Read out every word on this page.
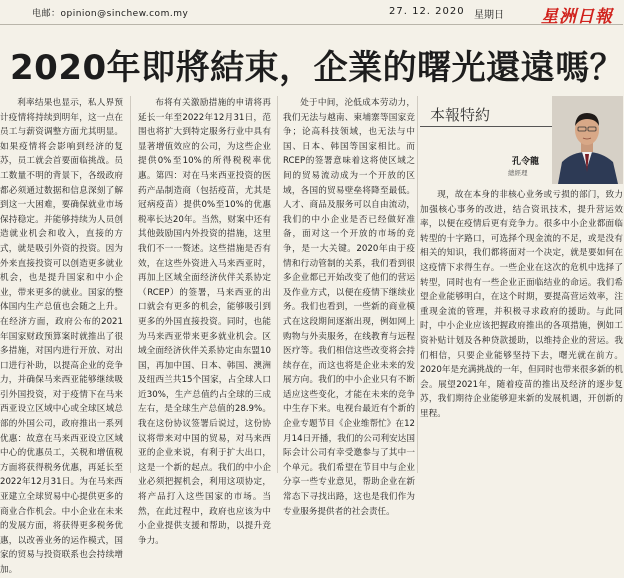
电邮：opinion@sinchew.com.my	27. 12. 2020 星期日 星洲日報
2020年即將結束，企業的曙光還遠嗎？

利率结果也显示，私人界预计疫情将持续到明年，这一点在员工与薪资调整方面尤其明显。如果疫情将会影响到经济的复苏，员工就会首要面临挑战。员工数量不明的背景下，各级政府都必须通过数据和信息深刻了解到这一大困难，要确保就业市场保持稳定。并能够持续为人员创造就业机会和收入，直接的方式，就是吸引外资的投资。因为外来直接投资可以创造更多就业机会，也是提升国家和中小企业，带来更多的就业。国家的整体国内生产总值也会随之上升。在经济方面，政府公布的2021年国家财政预算案时就推出了很多措施，对国内进行开放、对出口进行补助，以提高企业的竞争力，并确保马来西亚能够继续吸引外国投资，对于疫情下在马来西亚设立区域中心或全球区域总部的外国公司，政府推出一系列优惠：故意在马来西亚设立区域中心的优惠员工，关税和增值税方面将获得税务优惠，再延长至2022年12月31日。为在马来西亚建立全球贸易中心提供更多的商业合作机会。中小企业在未来的发展方面，将获得更多税务优惠，以改善业务的运作模式，国家的贸易与投资联系也会持续增加。

布将有关激励措施的申请将再延长一年至2022年12月31日，范围也将扩大到特定服务行业中具有显著增值效应的公司，为这些企业提供0%至10%的所得税税率优惠。第四：对在马来西亚投资的医药产品制造商（包括疫苗，尤其是冠病疫苗）提供0%至10%的优惠税率长达20年。当然，财案中还有其他鼓励国内外投资的措施，这里我们不一一赘述。这些措施是否有效，在这些外资进入马来西亚时，再加上区域全面经济伙伴关系协定（RCEP）的签署，马来西亚的出口就会有更多的机会，能够吸引到更多的外国直接投资。同时，也能为马来西亚带来更多就业机会。区域全面经济伙伴关系协定由东盟10国，再加中国、日本、韩国、澳洲及纽西兰共15个国家，占全球人口近30%，生产总值约占全球的三成左右，是全球生产总值的28.9%。我在这份协议签署后说过，这份协议将带来对中国的贸易，对马来西亚的企业来说，有利于扩大出口，这是一个新的起点。我们的中小企业必须把握机会，利用这项协定，将产品打入这些国家的市场。当然，在此过程中，政府也应该为中小企业提供支援和帮助，以提升竞争力。

处于中间，沦低成本劳动力，我们无法与越南、柬埔寨等国家竞争；论高科技领域，也无法与中国、日本、韩国等国家相比。而RCEP的签署意味着这将使区域之间的贸易流动成为一个开放的区域，各国的贸易壁垒将降至最低。人才、商品及服务可以自由流动，我们的中小企业是否已经做好准备，面对这一个开放的市场的竞争，是一大关键。2020年由于疫情和行动管制的关系，我们看到很多企业都已开始改变了他们的营运及作业方式，以便在疫情下继续业务。我们也看到，一些新的商业模式在这段期间逐渐出现，例如网上购物与外卖服务，在线教育与远程医疗等。我们相信这些改变将会持续存在，而这也将是企业未来的发展方向。我们的中小企业只有不断适应这些变化，才能在未来的竞争中生存下来。电视台最近有个新的企业专题节目《企业维帮忙》在12月14日开播，我们的公司利安达国际会计公司有幸受邀参与了其中一个单元。我们希望在节目中与企业分享一些专业意见，帮助企业在新常态下寻找出路，这也是我们作为专业服务提供者的社会责任。

本報特約
孔令龍
總經理

现，故在本身的非核心业务或亏损的部门，致力加强核心事务的改进，结合资讯技术，提升营运效率，以便在疫情后更有竞争力。很多中小企业都面临转型的十字路口，可选择个现金流的不足，或是没有相关的知识，我们都将面对一个决定，就是要如何在这疫情下求得生存。一些企业在这次的危机中选择了转型，同时也有一些企业正面临结业的命运。我们希望企业能够明白，在这个时期，要提高营运效率，注重现金流的管理，并积极寻求政府的援助。与此同时，中小企业应该把握政府推出的各项措施，例如工资补贴计划及各种贷款援助，以维持企业的营运。我们相信，只要企业能够坚持下去，曙光就在前方。2020年是充满挑战的一年，但同时也带来很多新的机会。展望2021年，随着疫苗的推出及经济的逐步复苏，我们期待企业能够迎来新的发展机遇，开创新的里程。
